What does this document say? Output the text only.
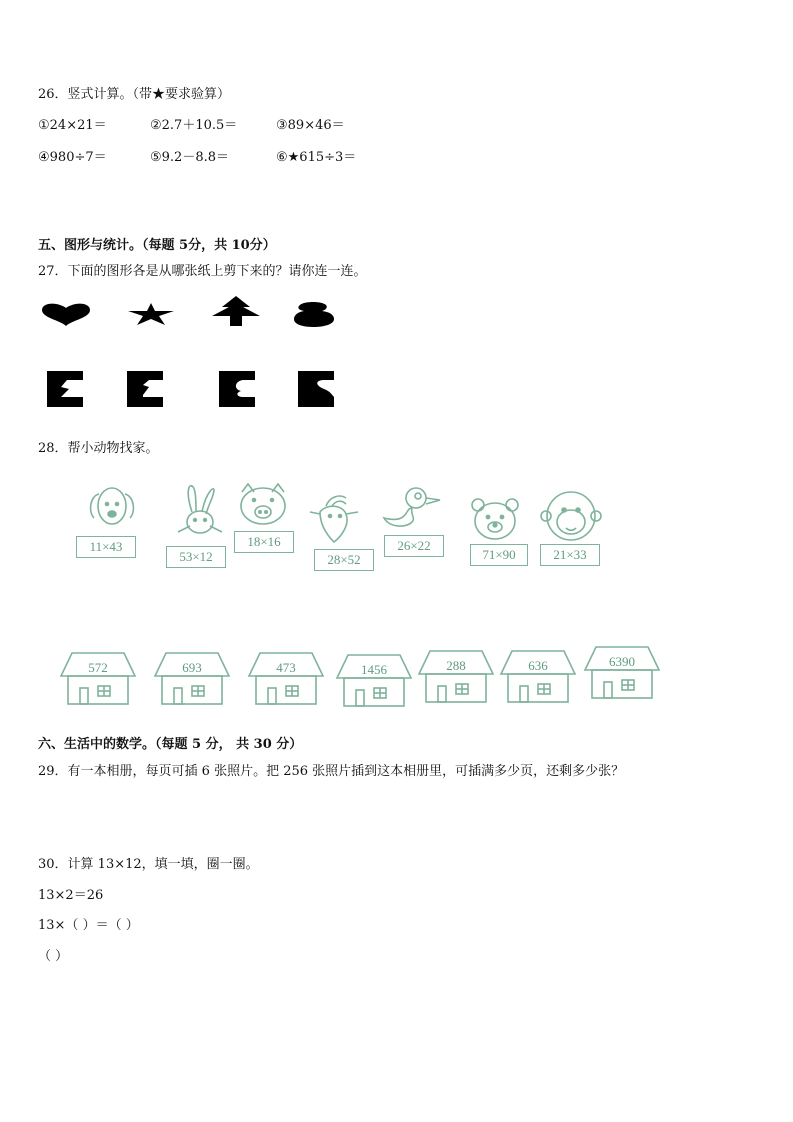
26．竖式计算。（带★要求验算）
①24×21＝	②2.7＋10.5＝	③89×46＝
④980÷7＝	⑤9.2－8.8＝	⑥★615÷3＝
五、图形与统计。（每题 5分，共 10分）
27．下面的图形各是从哪张纸上剪下来的？请你连一连。
28．帮小动物找家。
11×43
53×12
18×16
28×52
26×22
71×90	21×33
572	693	473	1456	288	636	6390
六、生活中的数学。（每题 5 分， 共 30 分）
29．有一本相册，每页可插 6 张照片。把 256 张照片插到这本相册里，可插满多少页，还剩多少张？
30．计算 13×12，填一填，圈一圈。
13×2＝26
13×（ ）＝（ ）
（ ）
